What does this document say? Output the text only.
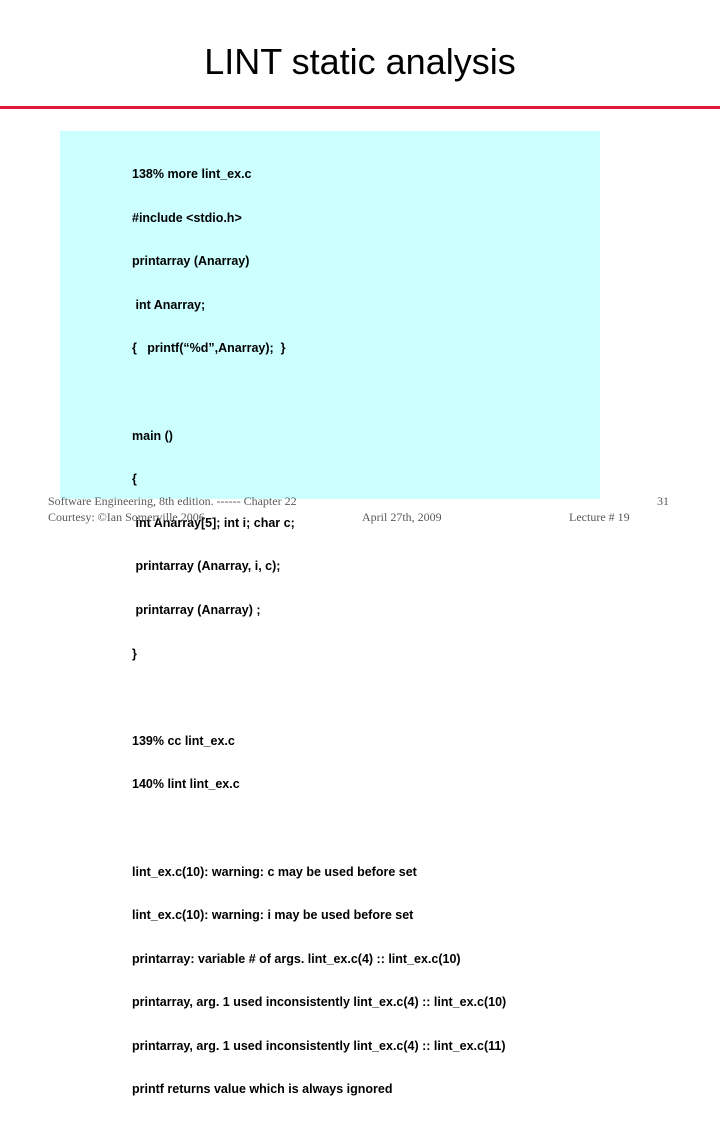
LINT static analysis

138% more lint_ex.c

#include <stdio.h>

printarray (Anarray)

int Anarray;

{   printf(“%d”,Anarray);  }

main ()

{

int Anarray[5]; int i; char c;

printarray (Anarray, i, c);

printarray (Anarray) ;

}

139% cc lint_ex.c

140% lint lint_ex.c

lint_ex.c(10): warning: c may be used before set

lint_ex.c(10): warning: i may be used before set

printarray: variable # of args. lint_ex.c(4) :: lint_ex.c(10)

printarray, arg. 1 used inconsistently lint_ex.c(4) :: lint_ex.c(10)

printarray, arg. 1 used inconsistently lint_ex.c(4) :: lint_ex.c(11)

printf returns value which is always ignored

Software Engineering, 8th edition. ------ Chapter 22
Courtesy: ©Ian Somerville 2006	April 27th, 2009	Lecture # 19
31
